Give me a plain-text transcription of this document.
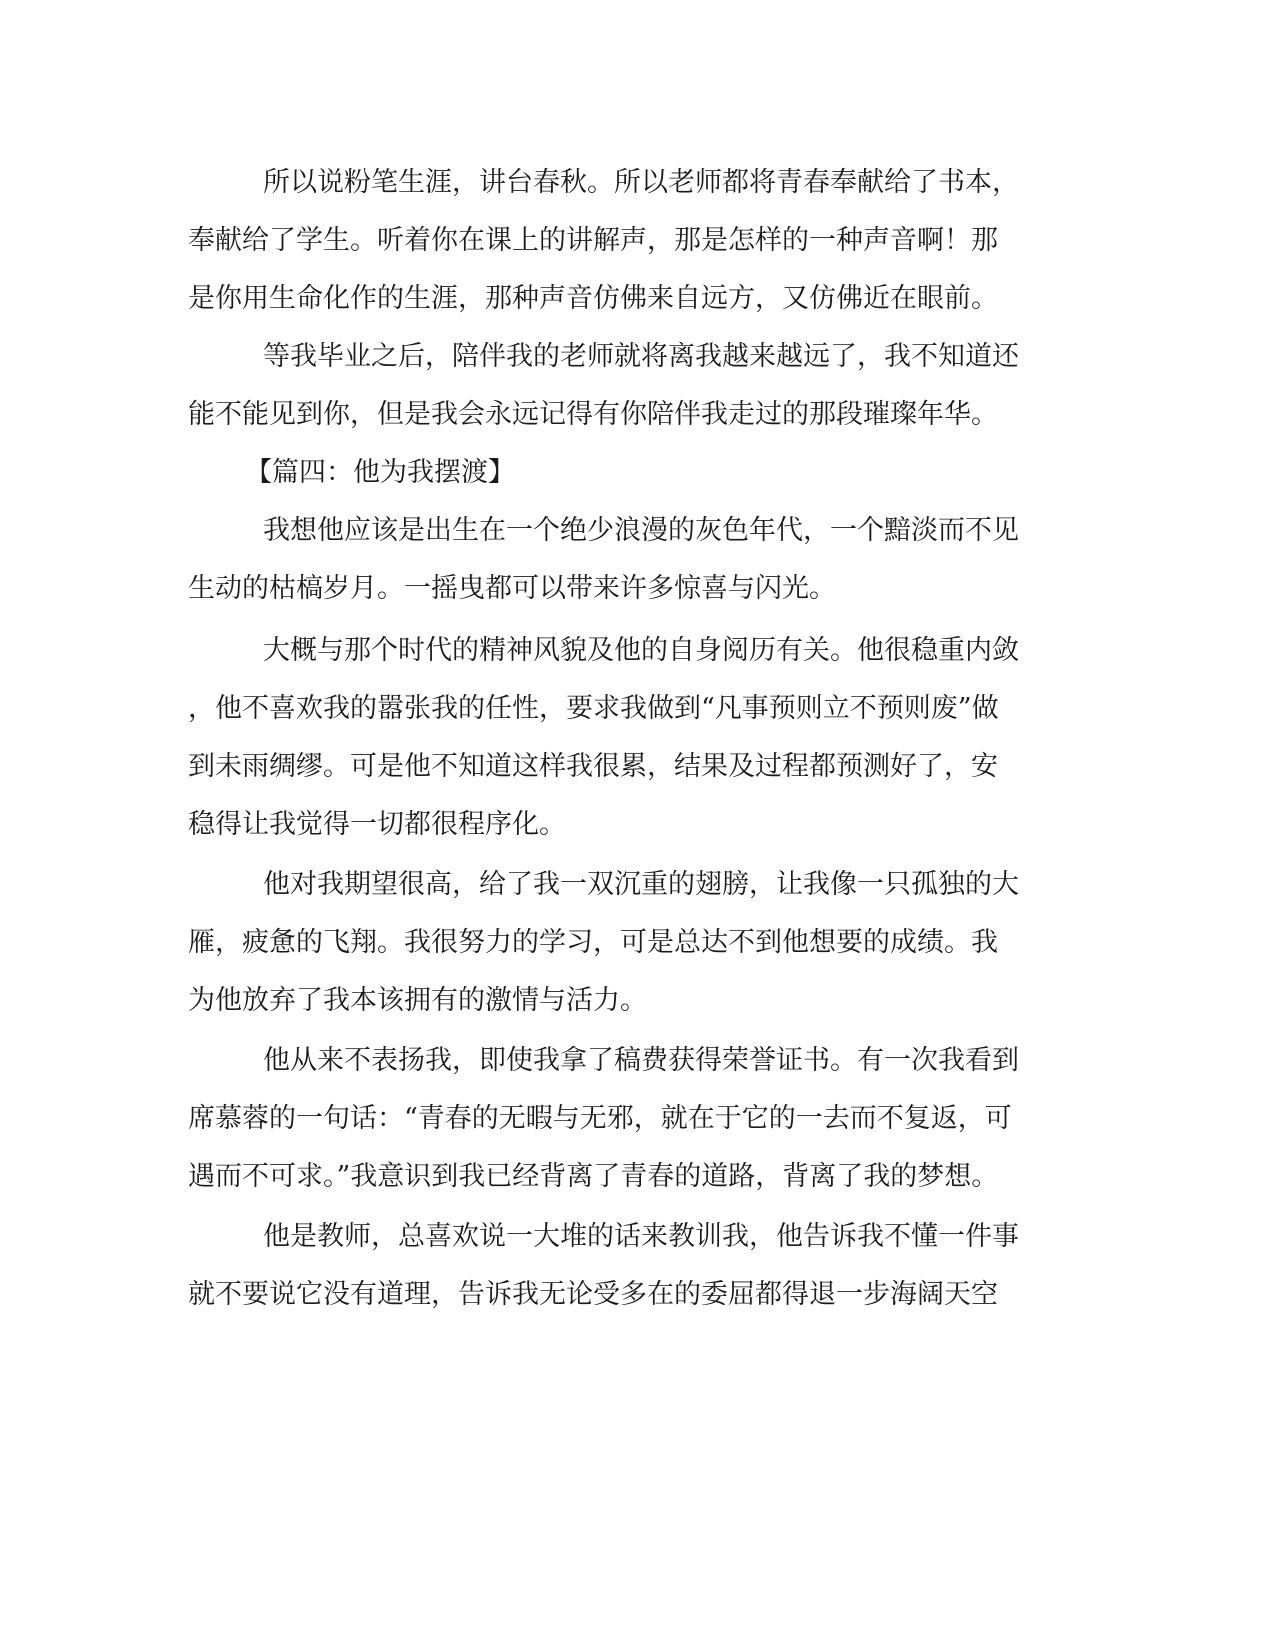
所以说粉笔生涯，讲台春秋。所以老师都将青春奉献给了书本，
奉献给了学生。听着你在课上的讲解声，那是怎样的一种声音啊！那
是你用生命化作的生涯，那种声音仿佛来自远方，又仿佛近在眼前。
等我毕业之后，陪伴我的老师就将离我越来越远了，我不知道还
能不能见到你，但是我会永远记得有你陪伴我走过的那段璀璨年华。
【篇四：他为我摆渡】
我想他应该是出生在一个绝少浪漫的灰色年代，一个黯淡而不见
生动的枯槁岁月。一摇曳都可以带来许多惊喜与闪光。
大概与那个时代的精神风貌及他的自身阅历有关。他很稳重内敛
，他不喜欢我的嚣张我的任性，要求我做到“凡事预则立不预则废”做
到未雨绸缪。可是他不知道这样我很累，结果及过程都预测好了，安
稳得让我觉得一切都很程序化。
他对我期望很高，给了我一双沉重的翅膀，让我像一只孤独的大
雁，疲惫的飞翔。我很努力的学习，可是总达不到他想要的成绩。我
为他放弃了我本该拥有的激情与活力。
他从来不表扬我，即使我拿了稿费获得荣誉证书。有一次我看到
席慕蓉的一句话：“青春的无暇与无邪，就在于它的一去而不复返，可
遇而不可求。”我意识到我已经背离了青春的道路，背离了我的梦想。
他是教师，总喜欢说一大堆的话来教训我，他告诉我不懂一件事
就不要说它没有道理，告诉我无论受多在的委屈都得退一步海阔天空
